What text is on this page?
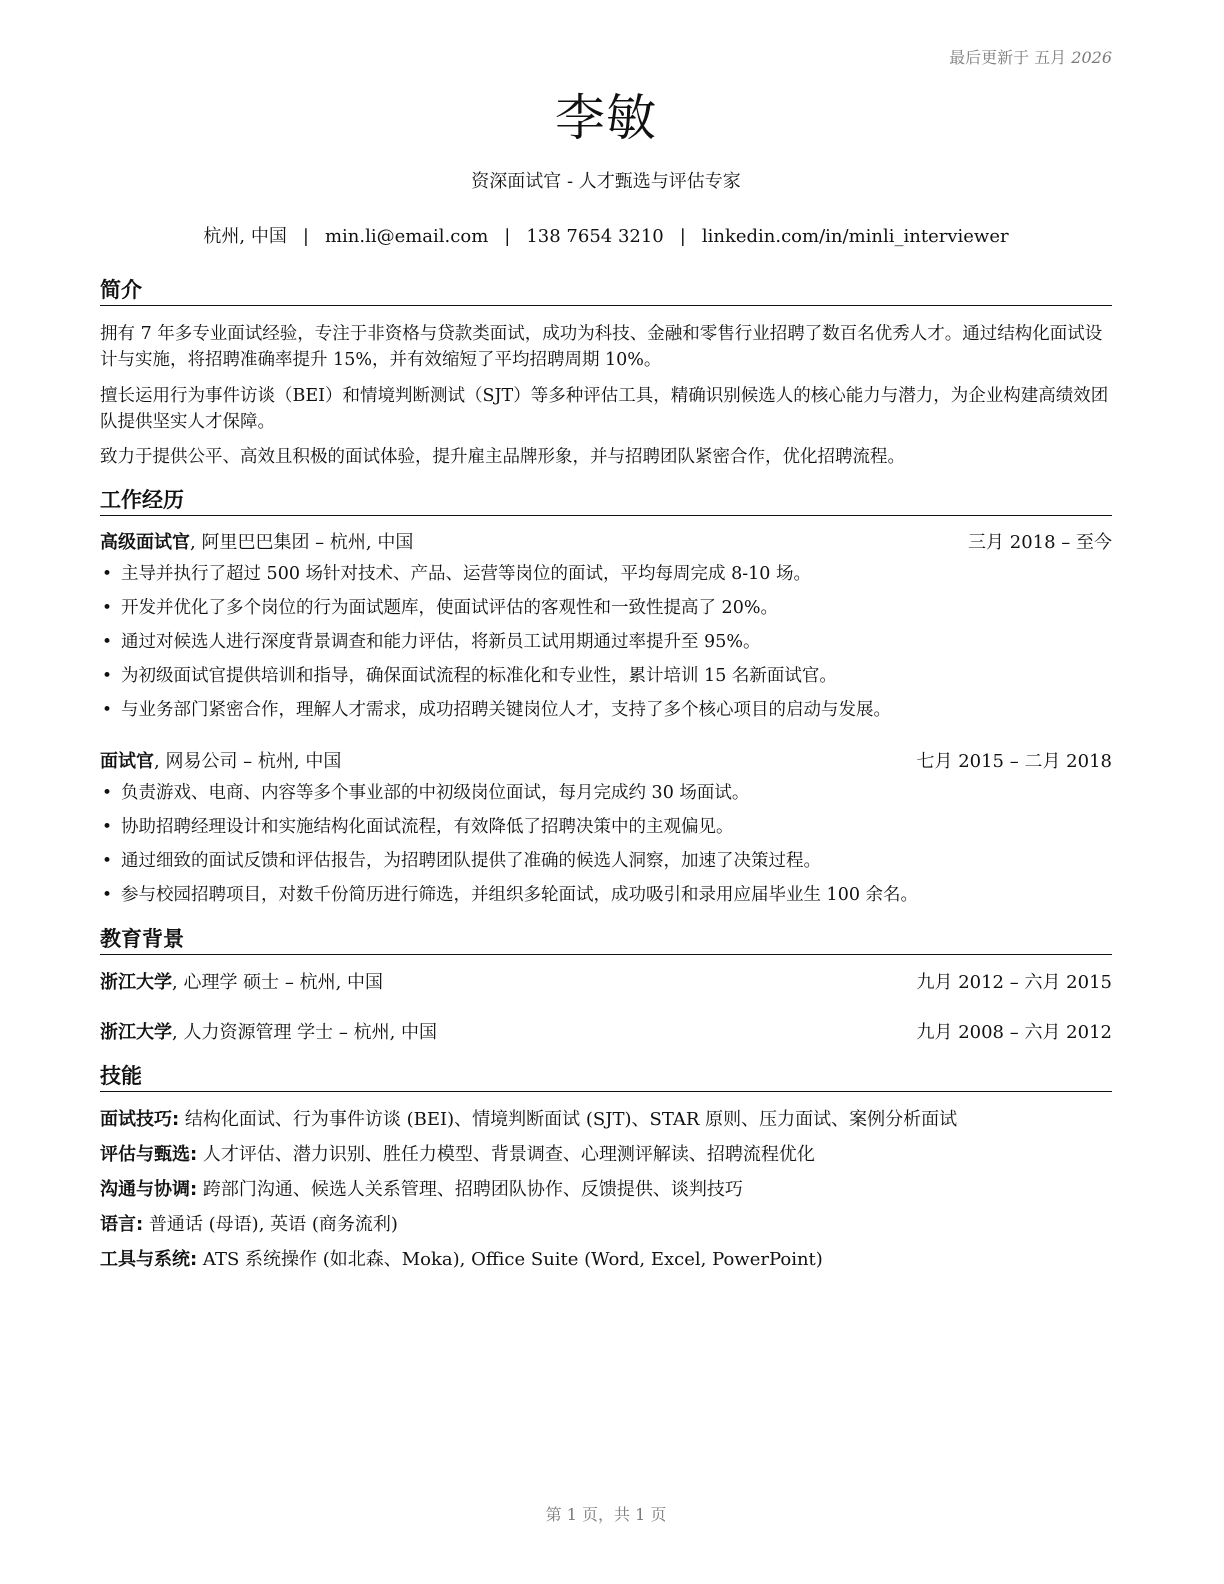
最后更新于 五月 2026
李敏
资深面试官 - 人才甄选与评估专家
杭州, 中国 | min.li@email.com | 138 7654 3210 | linkedin.com/in/minli_interviewer
简介
拥有 7 年多专业面试经验，专注于非资格与贷款类面试，成功为科技、金融和零售行业招聘了数百名优秀人才。通过结构化面试设计与实施，将招聘准确率提升 15%，并有效缩短了平均招聘周期 10%。
擅长运用行为事件访谈（BEI）和情境判断测试（SJT）等多种评估工具，精确识别候选人的核心能力与潜力，为企业构建高绩效团队提供坚实人才保障。
致力于提供公平、高效且积极的面试体验，提升雇主品牌形象，并与招聘团队紧密合作，优化招聘流程。
工作经历
高级面试官, 阿里巴巴集团 – 杭州, 中国	三月 2018 – 至今
• 主导并执行了超过 500 场针对技术、产品、运营等岗位的面试，平均每周完成 8-10 场。
• 开发并优化了多个岗位的行为面试题库，使面试评估的客观性和一致性提高了 20%。
• 通过对候选人进行深度背景调查和能力评估，将新员工试用期通过率提升至 95%。
• 为初级面试官提供培训和指导，确保面试流程的标准化和专业性，累计培训 15 名新面试官。
• 与业务部门紧密合作，理解人才需求，成功招聘关键岗位人才，支持了多个核心项目的启动与发展。
面试官, 网易公司 – 杭州, 中国	七月 2015 – 二月 2018
• 负责游戏、电商、内容等多个事业部的中初级岗位面试，每月完成约 30 场面试。
• 协助招聘经理设计和实施结构化面试流程，有效降低了招聘决策中的主观偏见。
• 通过细致的面试反馈和评估报告，为招聘团队提供了准确的候选人洞察，加速了决策过程。
• 参与校园招聘项目，对数千份简历进行筛选，并组织多轮面试，成功吸引和录用应届毕业生 100 余名。
教育背景
浙江大学, 心理学 硕士 – 杭州, 中国	九月 2012 – 六月 2015
浙江大学, 人力资源管理 学士 – 杭州, 中国	九月 2008 – 六月 2012
技能
面试技巧: 结构化面试、行为事件访谈 (BEI)、情境判断面试 (SJT)、STAR 原则、压力面试、案例分析面试
评估与甄选: 人才评估、潜力识别、胜任力模型、背景调查、心理测评解读、招聘流程优化
沟通与协调: 跨部门沟通、候选人关系管理、招聘团队协作、反馈提供、谈判技巧
语言: 普通话 (母语), 英语 (商务流利)
工具与系统: ATS 系统操作 (如北森、Moka), Office Suite (Word, Excel, PowerPoint)
第 1 页，共 1 页
